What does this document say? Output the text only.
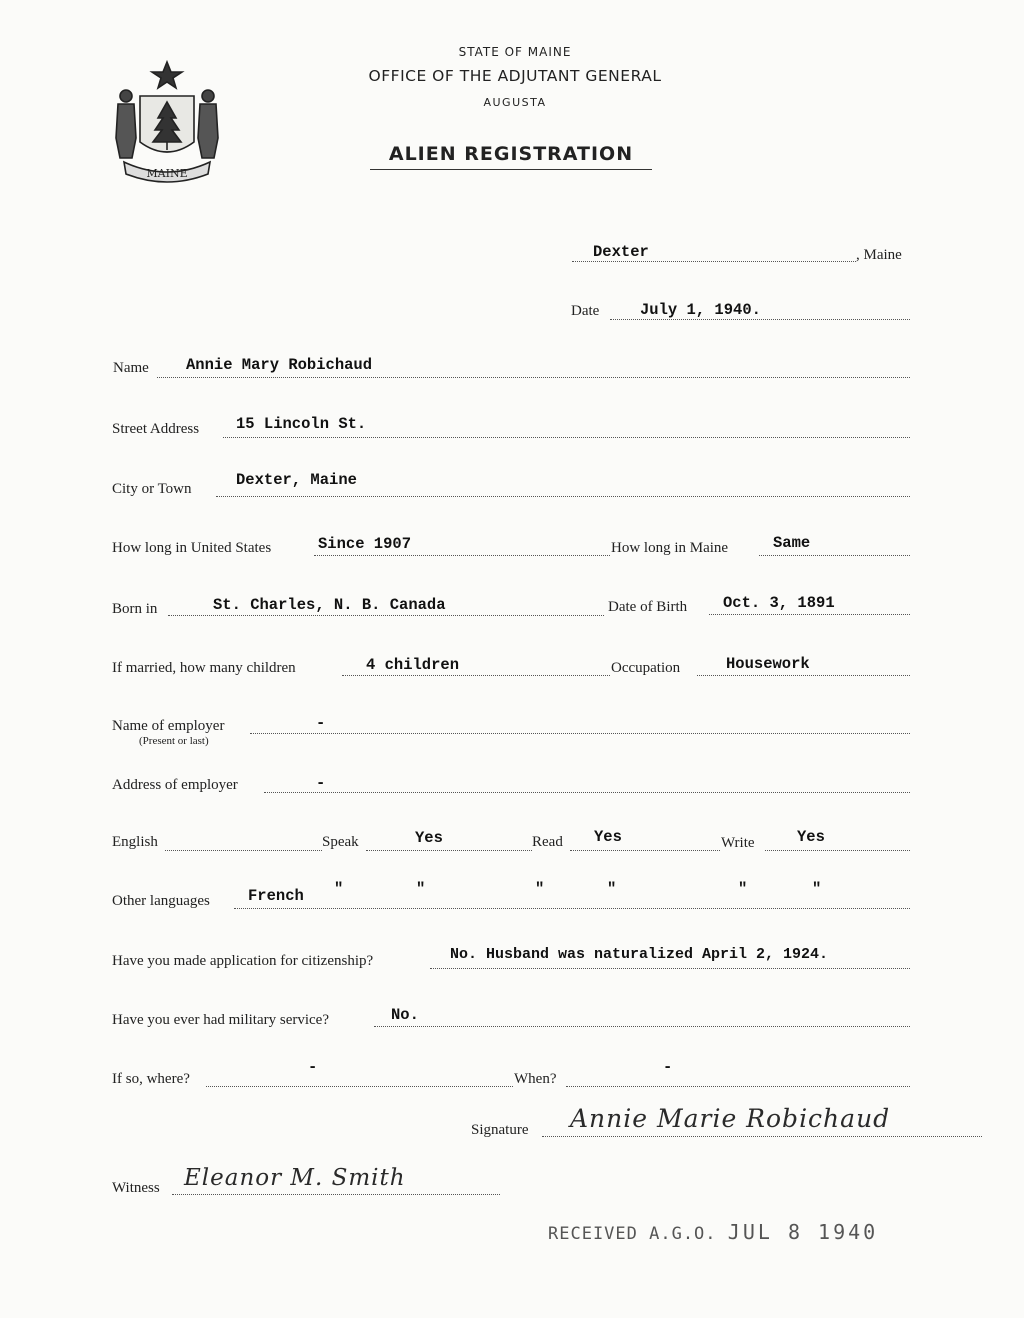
MAINE
STATE OF MAINE
OFFICE OF THE ADJUTANT GENERAL
AUGUSTA
ALIEN REGISTRATION
Dexter	, Maine
Date	July 1, 1940.
Name Annie Mary Robichaud
Street Address 15 Lincoln St.
City or Town	Dexter, Maine
How long in United States	Since 1907	How long in Maine	Same
Born in	St. Charles, N. B. Canada	Date of Birth Oct. 3, 1891
If married, how many children	4 children	Occupation	Housework
Name of employer
(Present or last)
-
Address of employer	-
English	Speak	Yes	Read Yes	Write	Yes
Other languages French "	"	"	"	"	"
Have you made application for citizenship?	No. Husband was naturalized April 2, 1924.
Have you ever had military service?	No.
If so, where?
-
When?
-
Signature Annie Marie Robichaud
Witness Eleanor M. Smith
RECEIVED A.G.O. JUL 8 1940
